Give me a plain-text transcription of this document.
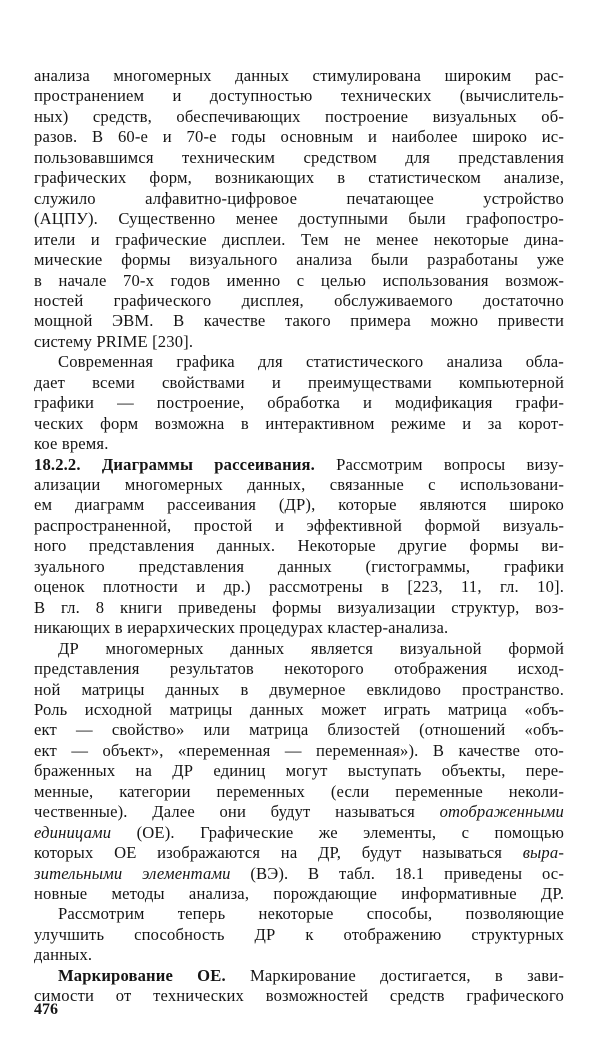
анализа многомерных данных стимулирована широким рас-
пространением и доступностью технических (вычислитель-
ных) средств, обеспечивающих построение визуальных об-
разов. В 60-е и 70-е годы основным и наиболее широко ис-
пользовавшимся техническим средством для представления
графических форм, возникающих в статистическом анализе,
служило алфавитно-цифровое печатающее устройство
(АЦПУ). Существенно менее доступными были графопостро-
ители и графические дисплеи. Тем не менее некоторые дина-
мические формы визуального анализа были разработаны уже
в начале 70-х годов именно с целью использования возмож-
ностей графического дисплея, обслуживаемого достаточно
мощной ЭВМ. В качестве такого примера можно привести
систему PRIME [230].
Современная графика для статистического анализа обла-
дает всеми свойствами и преимуществами компьютерной
графики — построение, обработка и модификация графи-
ческих форм возможна в интерактивном режиме и за корот-
кое время.
18.2.2. Диаграммы рассеивания. Рассмотрим вопросы визу-
ализации многомерных данных, связанные с использовани-
ем диаграмм рассеивания (ДР), которые являются широко
распространенной, простой и эффективной формой визуаль-
ного представления данных. Некоторые другие формы ви-
зуального представления данных (гистограммы, графики
оценок плотности и др.) рассмотрены в [223, 11, гл. 10].
В гл. 8 книги приведены формы визуализации структур, воз-
никающих в иерархических процедурах кластер-анализа.
ДР многомерных данных является визуальной формой
представления результатов некоторого отображения исход-
ной матрицы данных в двумерное евклидово пространство.
Роль исходной матрицы данных может играть матрица «объ-
ект — свойство» или матрица близостей (отношений «объ-
ект — объект», «переменная — переменная»). В качестве ото-
браженных на ДР единиц могут выступать объекты, пере-
менные, категории переменных (если переменные неколи-
чественные). Далее они будут называться отображенными
единицами (ОЕ). Графические же элементы, с помощью
которых ОЕ изображаются на ДР, будут называться выра-
зительными элементами (ВЭ). В табл. 18.1 приведены ос-
новные методы анализа, порождающие информативные ДР.
Рассмотрим теперь некоторые способы, позволяющие
улучшить способность ДР к отображению структурных
данных.
Маркирование ОЕ. Маркирование достигается, в зави-
симости от технических возможностей средств графического
476
